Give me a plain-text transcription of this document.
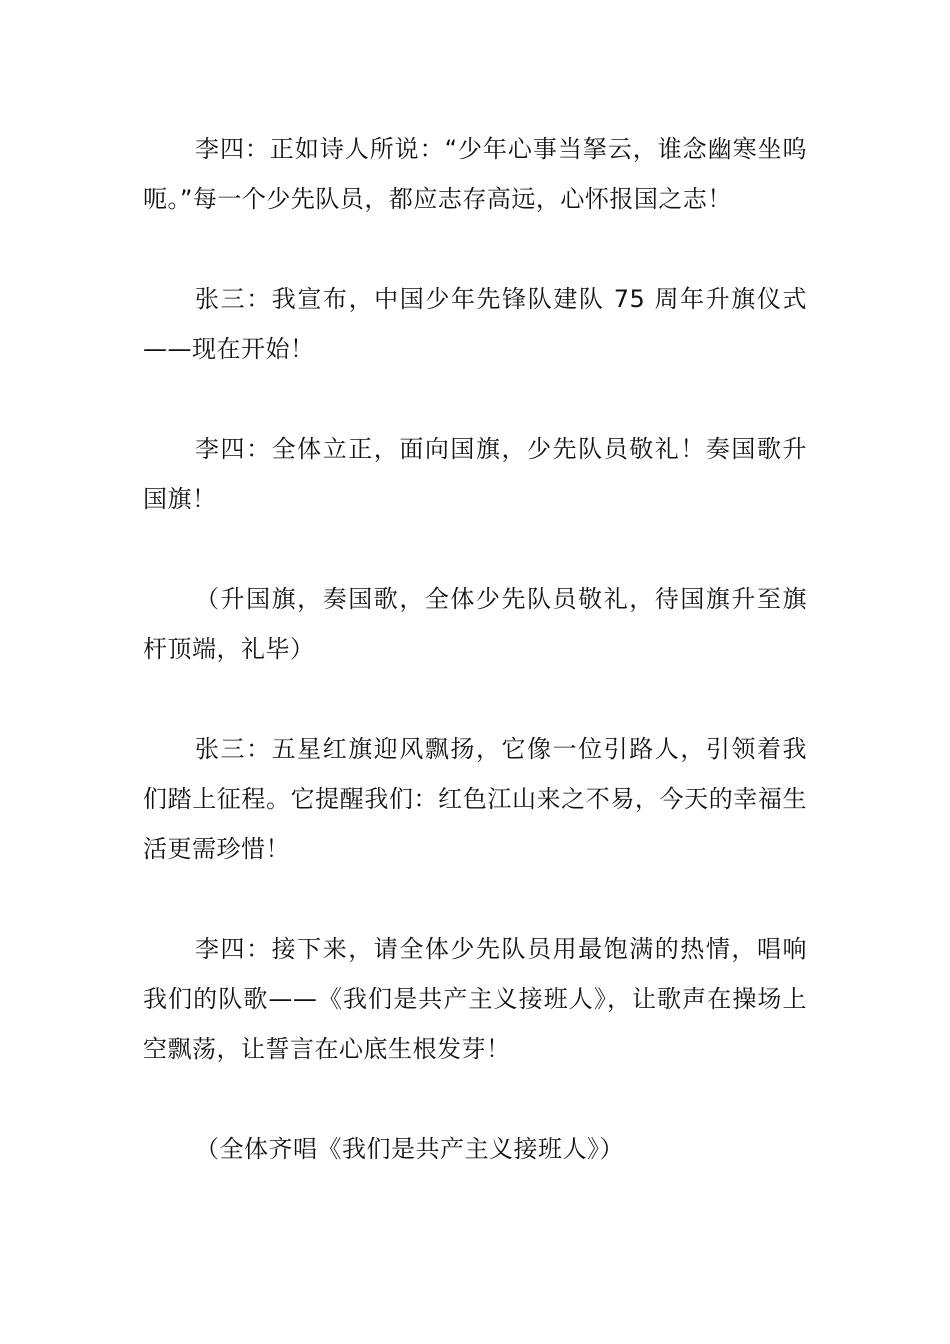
李四：正如诗人所说：“少年心事当拏云，谁念幽寒坐呜呃。”每一个少先队员，都应志存高远，心怀报国之志！

张三：我宣布，中国少年先锋队建队 75 周年升旗仪式——现在开始！

李四：全体立正，面向国旗，少先队员敬礼！奏国歌升国旗！

（升国旗，奏国歌，全体少先队员敬礼，待国旗升至旗杆顶端，礼毕）

张三：五星红旗迎风飘扬，它像一位引路人，引领着我们踏上征程。它提醒我们：红色江山来之不易，今天的幸福生活更需珍惜！

李四：接下来，请全体少先队员用最饱满的热情，唱响我们的队歌——《我们是共产主义接班人》，让歌声在操场上空飘荡，让誓言在心底生根发芽！

（全体齐唱《我们是共产主义接班人》）
